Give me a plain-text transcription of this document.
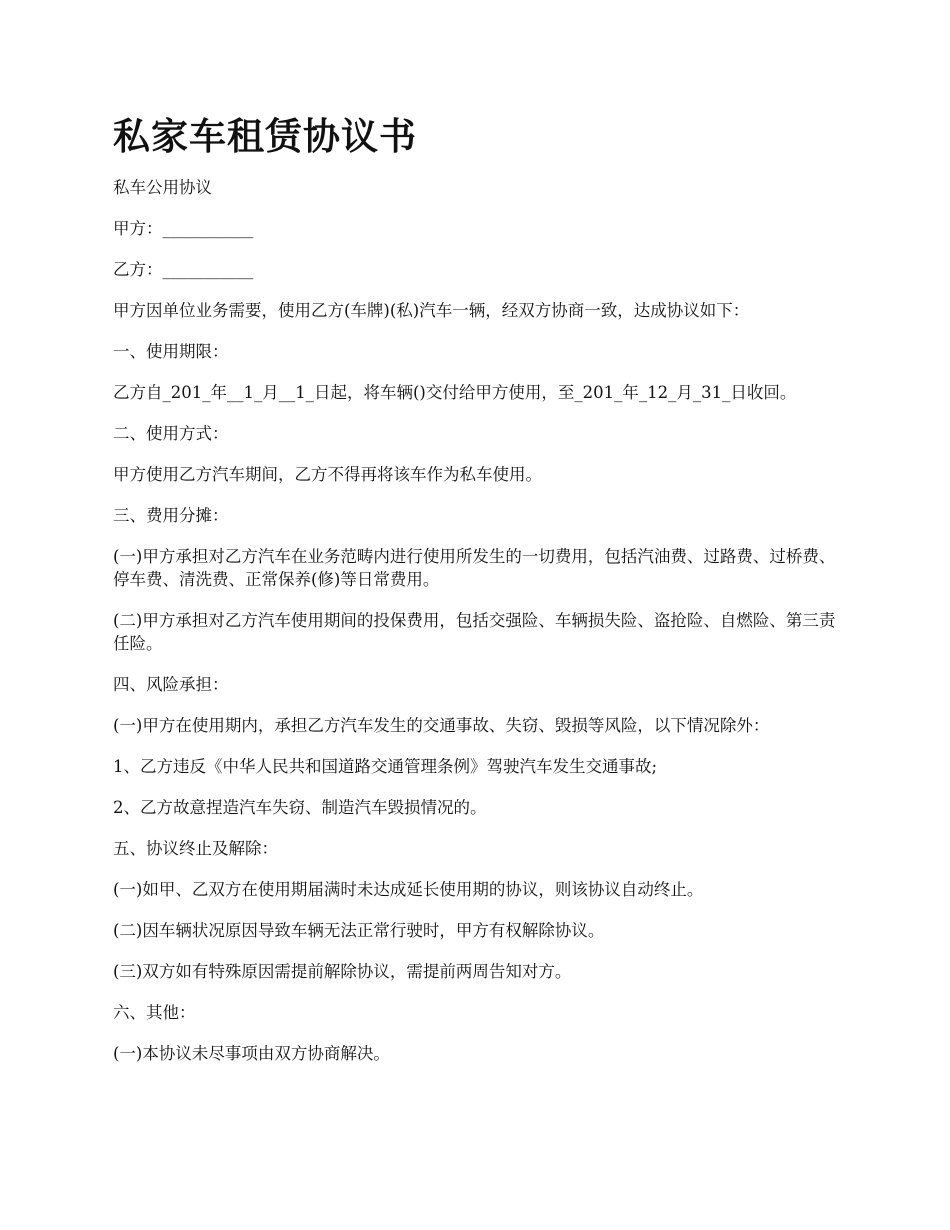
私家车租赁协议书

私车公用协议

甲方：___________

乙方：___________

甲方因单位业务需要，使用乙方(车牌)(私)汽车一辆，经双方协商一致，达成协议如下：

一、使用期限：

乙方自_201_年__1_月__1_日起，将车辆()交付给甲方使用，至_201_年_12_月_31_日收回。

二、使用方式：

甲方使用乙方汽车期间，乙方不得再将该车作为私车使用。

三、费用分摊：

(一)甲方承担对乙方汽车在业务范畴内进行使用所发生的一切费用，包括汽油费、过路费、过桥费、停车费、清洗费、正常保养(修)等日常费用。

(二)甲方承担对乙方汽车使用期间的投保费用，包括交强险、车辆损失险、盗抢险、自燃险、第三责任险。

四、风险承担：

(一)甲方在使用期内，承担乙方汽车发生的交通事故、失窃、毁损等风险，以下情况除外：

1、乙方违反《中华人民共和国道路交通管理条例》驾驶汽车发生交通事故;

2、乙方故意捏造汽车失窃、制造汽车毁损情况的。

五、协议终止及解除：

(一)如甲、乙双方在使用期届满时未达成延长使用期的协议，则该协议自动终止。

(二)因车辆状况原因导致车辆无法正常行驶时，甲方有权解除协议。

(三)双方如有特殊原因需提前解除协议，需提前两周告知对方。

六、其他：

(一)本协议未尽事项由双方协商解决。
